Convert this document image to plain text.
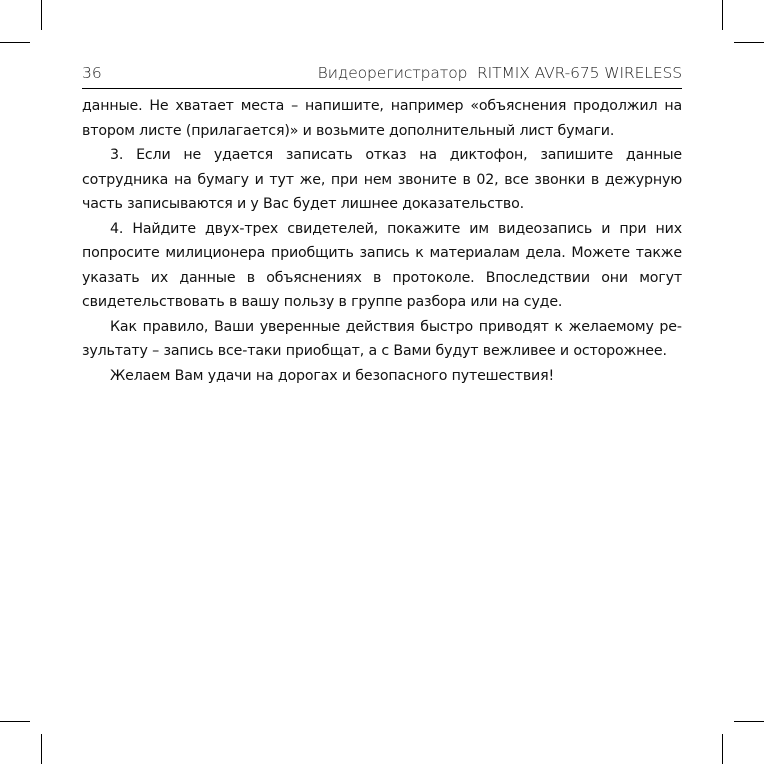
36	Видеорегистратор  RITMIX AVR-675 WIRELESS

данные. Не хватает места – напишите, например «объяснения продолжил на втором листе (прилагается)» и возьмите дополнительный лист бумаги.

3. Если не удается записать отказ на диктофон, запишите данные сотрудника на бумагу и тут же, при нем звоните в 02, все звонки в дежурную часть записываются и у Вас будет лишнее доказательство.

4. Найдите двух-трех свидетелей, покажите им видеозапись и при них попросите милиционера приобщить запись к материалам дела. Можете также указать их данные в объяснениях в протоколе. Впоследствии они могут свидетельствовать в вашу пользу в группе разбора или на суде.

Как правило, Ваши уверенные действия быстро приводят к желаемому результату – запись все-таки приобщат, а с Вами будут вежливее и осторожнее.

Желаем Вам удачи на дорогах и безопасного путешествия!
